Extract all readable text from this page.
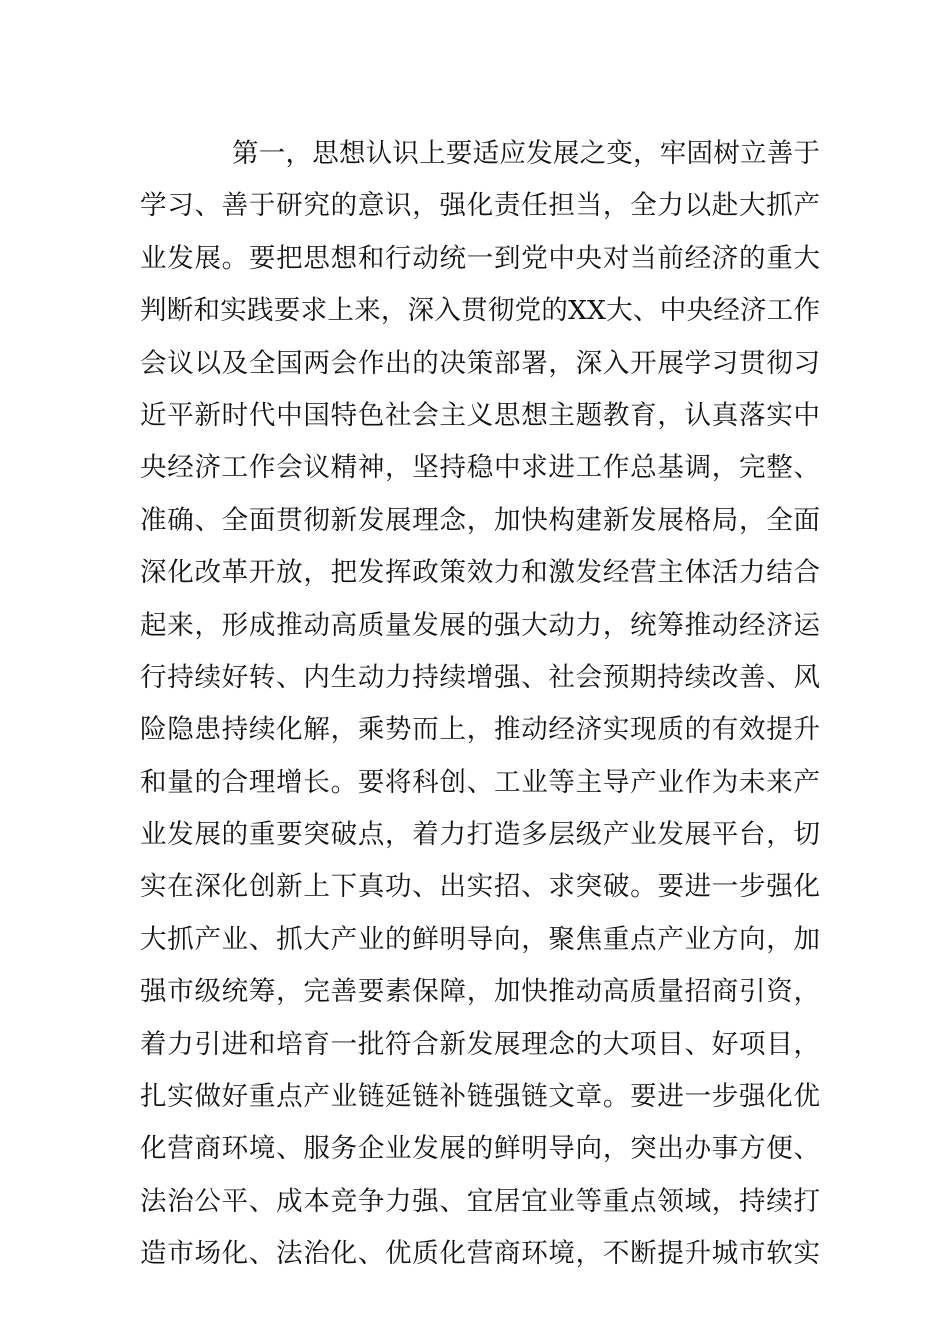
第一，思想认识上要适应发展之变，牢固树立善于
学习、善于研究的意识，强化责任担当，全力以赴大抓产
业发展。要把思想和行动统一到党中央对当前经济的重大
判断和实践要求上来，深入贯彻党的XX大、中央经济工作
会议以及全国两会作出的决策部署，深入开展学习贯彻习
近平新时代中国特色社会主义思想主题教育，认真落实中
央经济工作会议精神，坚持稳中求进工作总基调，完整、
准确、全面贯彻新发展理念，加快构建新发展格局，全面
深化改革开放，把发挥政策效力和激发经营主体活力结合
起来，形成推动高质量发展的强大动力，统筹推动经济运
行持续好转、内生动力持续增强、社会预期持续改善、风
险隐患持续化解，乘势而上，推动经济实现质的有效提升
和量的合理增长。要将科创、工业等主导产业作为未来产
业发展的重要突破点，着力打造多层级产业发展平台，切
实在深化创新上下真功、出实招、求突破。要进一步强化
大抓产业、抓大产业的鲜明导向，聚焦重点产业方向，加
强市级统筹，完善要素保障，加快推动高质量招商引资，
着力引进和培育一批符合新发展理念的大项目、好项目，
扎实做好重点产业链延链补链强链文章。要进一步强化优
化营商环境、服务企业发展的鲜明导向，突出办事方便、
法治公平、成本竞争力强、宜居宜业等重点领域，持续打
造市场化、法治化、优质化营商环境，不断提升城市软实
